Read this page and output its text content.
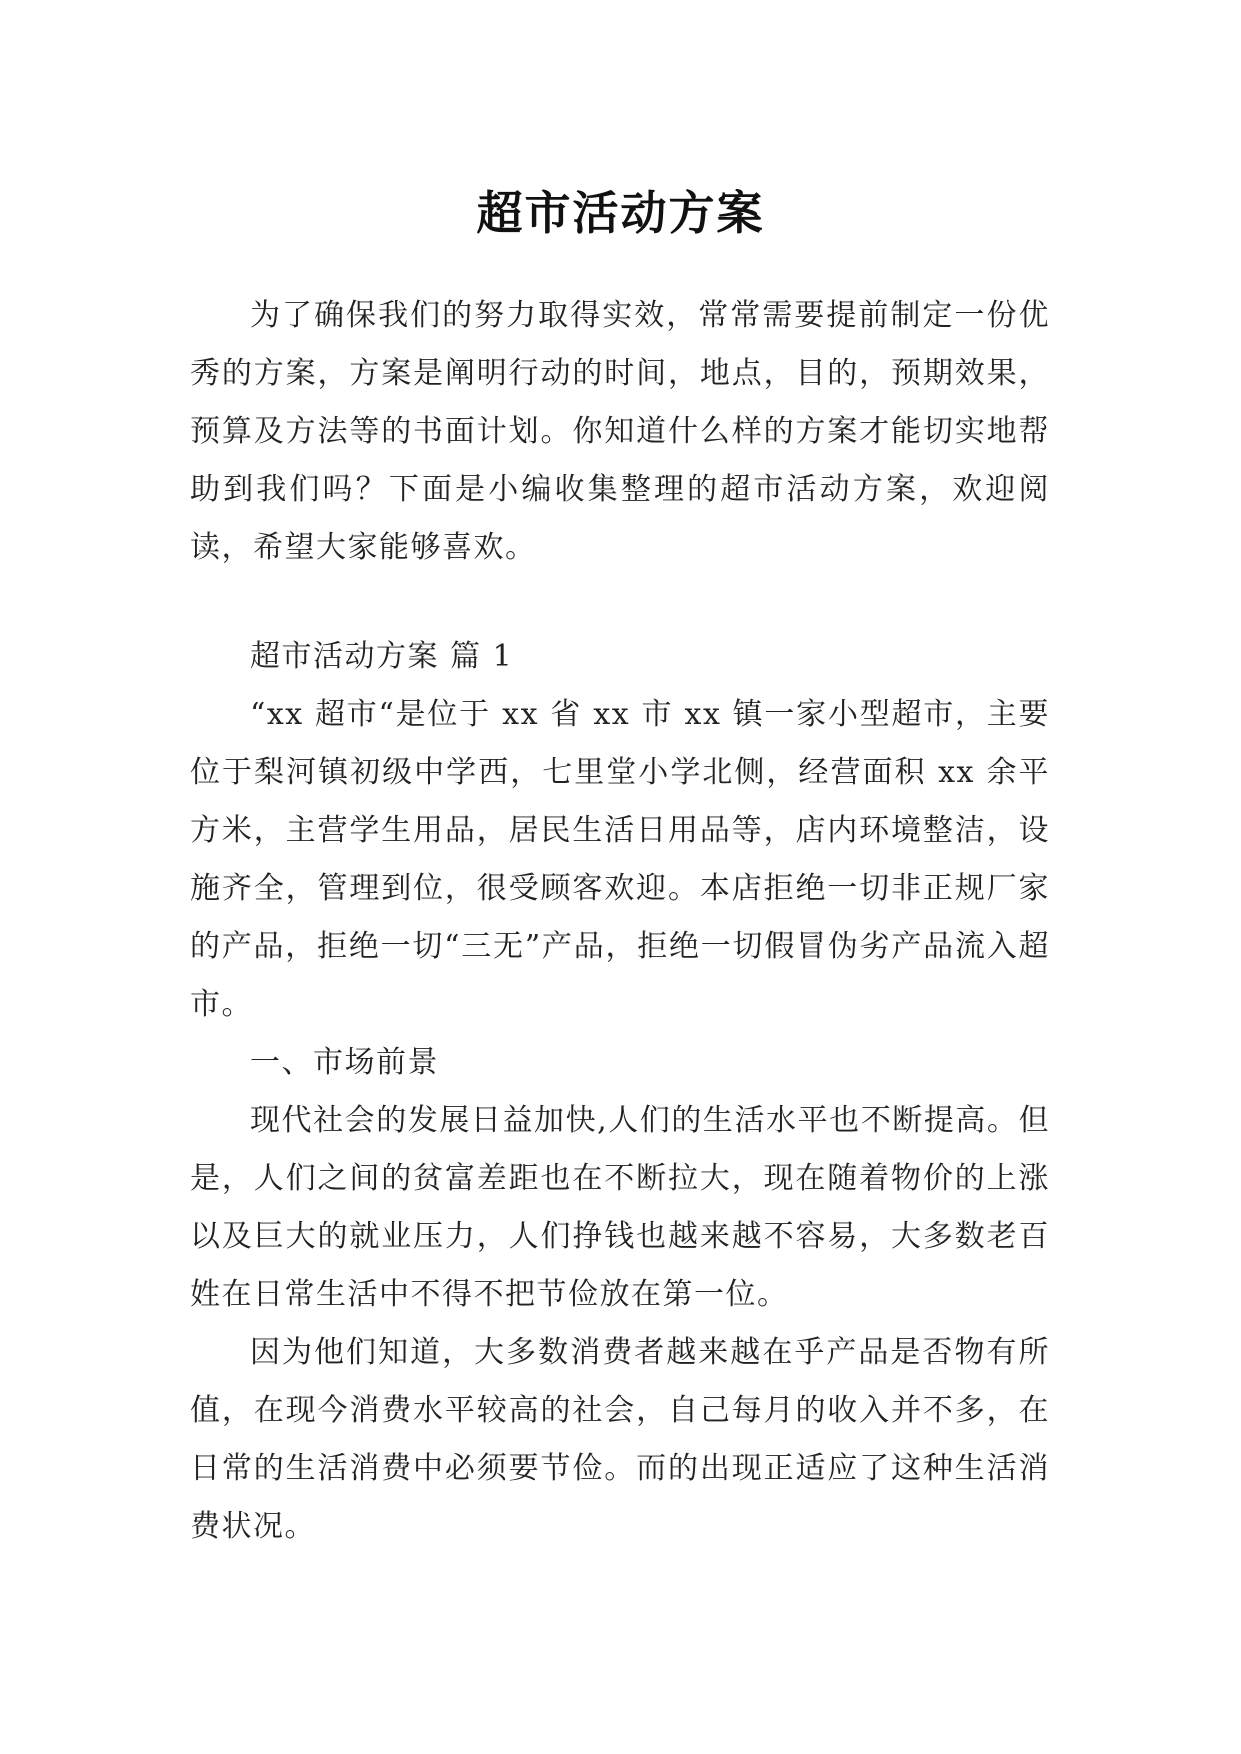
超市活动方案

为了确保我们的努力取得实效，常常需要提前制定一份优秀的方案，方案是阐明行动的时间，地点，目的，预期效果，预算及方法等的书面计划。你知道什么样的方案才能切实地帮助到我们吗？下面是小编收集整理的超市活动方案，欢迎阅读，希望大家能够喜欢。

超市活动方案 篇 1

“xx 超市“是位于 xx 省 xx 市 xx 镇一家小型超市，主要位于梨河镇初级中学西，七里堂小学北侧，经营面积 xx 余平方米，主营学生用品，居民生活日用品等，店内环境整洁，设施齐全，管理到位，很受顾客欢迎。本店拒绝一切非正规厂家的产品，拒绝一切“三无”产品，拒绝一切假冒伪劣产品流入超市。

一、市场前景

现代社会的发展日益加快,人们的生活水平也不断提高。但是，人们之间的贫富差距也在不断拉大，现在随着物价的上涨以及巨大的就业压力，人们挣钱也越来越不容易，大多数老百姓在日常生活中不得不把节俭放在第一位。

因为他们知道，大多数消费者越来越在乎产品是否物有所值，在现今消费水平较高的社会，自己每月的收入并不多，在日常的生活消费中必须要节俭。而的出现正适应了这种生活消费状况。
